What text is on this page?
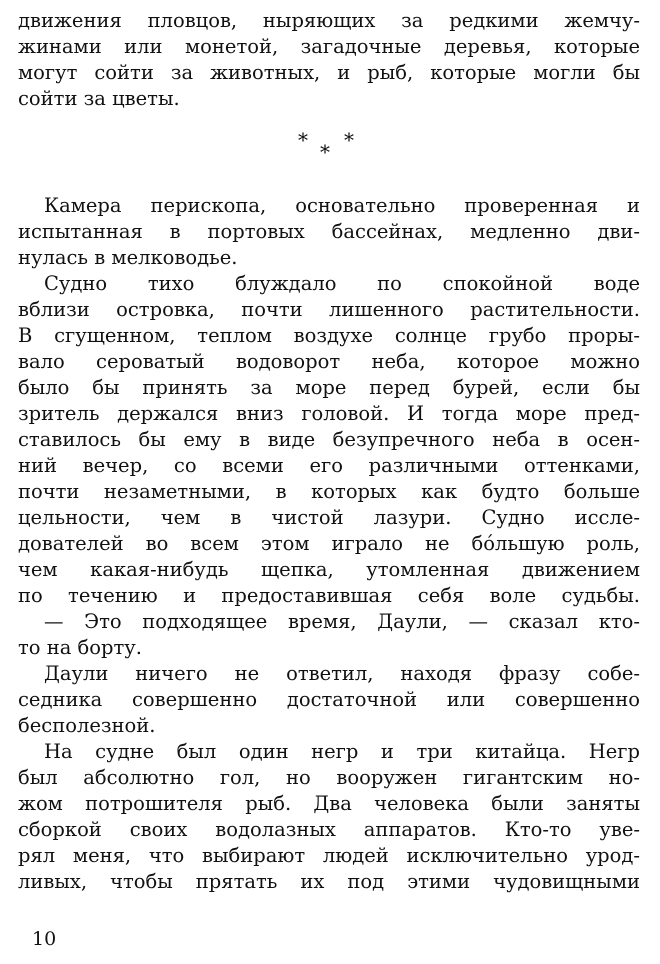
движения пловцов, ныряющих за редкими жемчу-
жинами или монетой, загадочные деревья, которые
могут сойти за животных, и рыб, которые могли бы
сойти за цветы.
* * *
Камера перископа, основательно проверенная и
испытанная в портовых бассейнах, медленно дви-
нулась в мелководье.
Судно тихо блуждало по спокойной воде
вблизи островка, почти лишенного растительности.
В сгущенном, теплом воздухе солнце грубо проры-
вало сероватый водоворот неба, которое можно
было бы принять за море перед бурей, если бы
зритель держался вниз головой. И тогда море пред-
ставилось бы ему в виде безупречного неба в осен-
ний вечер, со всеми его различными оттенками,
почти незаметными, в которых как будто больше
цельности, чем в чистой лазури. Судно иссле-
дователей во всем этом играло не бóльшую роль,
чем какая-нибудь щепка, утомленная движением
по течению и предоставившая себя воле судьбы.
— Это подходящее время, Даули, — сказал кто-
то на борту.
Даули ничего не ответил, находя фразу собе-
седника совершенно достаточной или совершенно
бесполезной.
На судне был один негр и три китайца. Негр
был абсолютно гол, но вооружен гигантским но-
жом потрошителя рыб. Два человека были заняты
сборкой своих водолазных аппаратов. Кто-то уве-
рял меня, что выбирают людей исключительно урод-
ливых, чтобы прятать их под этими чудовищными
10
